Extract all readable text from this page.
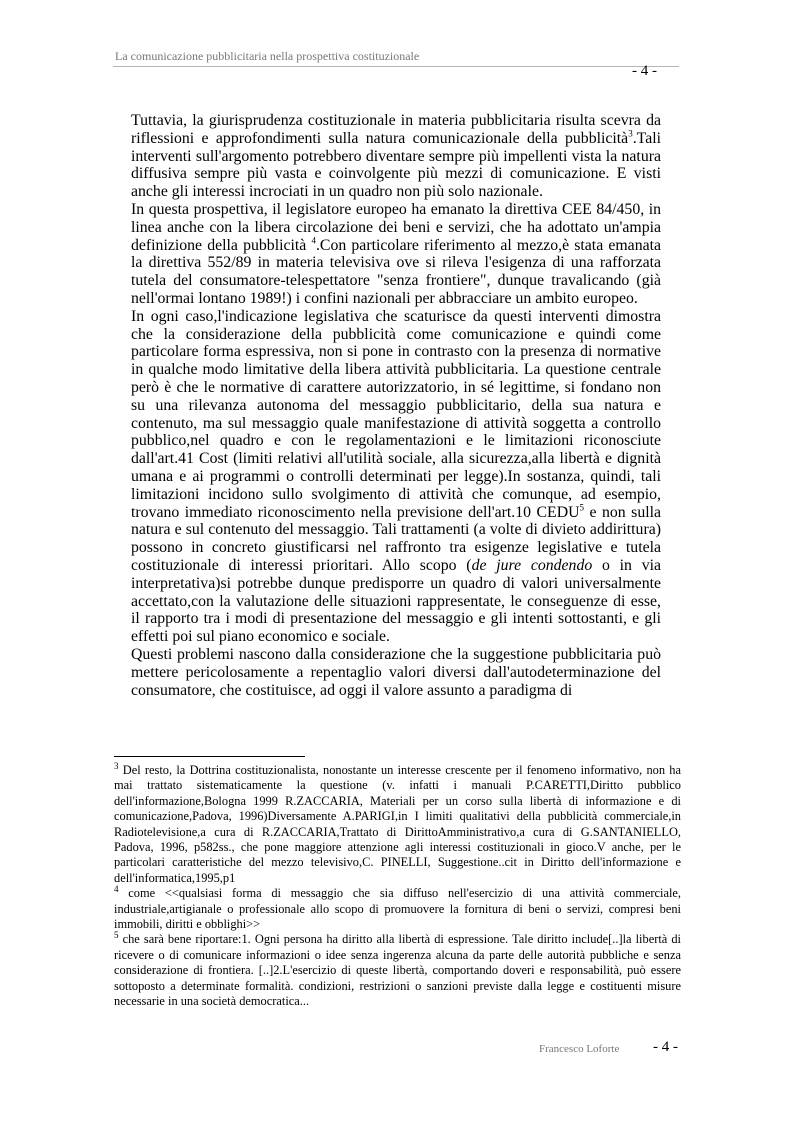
La comunicazione pubblicitaria nella prospettiva costituzionale
- 4 -

Tuttavia, la giurisprudenza costituzionale in materia pubblicitaria risulta scevra da riflessioni e approfondimenti sulla natura comunicazionale della pubblicità$^3$.Tali interventi sull'argomento potrebbero diventare sempre più impellenti vista la natura diffusiva sempre più vasta e coinvolgente più mezzi di comunicazione. E visti anche gli interessi incrociati in un quadro non più solo nazionale.

In questa prospettiva, il legislatore europeo ha emanato la direttiva CEE 84/450, in linea anche con la libera circolazione dei beni e servizi, che ha adottato un'ampia definizione della pubblicità $^4$.Con particolare riferimento al mezzo,è stata emanata la direttiva 552/89 in materia televisiva ove si rileva l'esigenza di una rafforzata tutela del consumatore-telespettatore "senza frontiere", dunque travalicando (già nell'ormai lontano 1989!) i confini nazionali per abbracciare un ambito europeo.

In ogni caso,l'indicazione legislativa che scaturisce da questi interventi dimostra che la considerazione della pubblicità come comunicazione e quindi come particolare forma espressiva, non si pone in contrasto con la presenza di normative in qualche modo limitative della libera attività pubblicitaria. La questione centrale però è che le normative di carattere autorizzatorio, in sé legittime, si fondano non su una rilevanza autonoma del messaggio pubblicitario, della sua natura e contenuto, ma sul messaggio quale manifestazione di attività soggetta a controllo pubblico,nel quadro e con le regolamentazioni e le limitazioni riconosciute dall'art.41 Cost (limiti relativi all'utilità sociale, alla sicurezza,alla libertà e dignità umana e ai programmi o controlli determinati per legge).In sostanza, quindi, tali limitazioni incidono sullo svolgimento di attività che comunque, ad esempio, trovano immediato riconoscimento nella previsione dell'art.10 CEDU$^5$ e non sulla natura e sul contenuto del messaggio. Tali trattamenti (a volte di divieto addirittura) possono in concreto giustificarsi nel raffronto tra esigenze legislative e tutela costituzionale di interessi prioritari. Allo scopo (de jure condendo o in via interpretativa)si potrebbe dunque predisporre un quadro di valori universalmente accettato,con la valutazione delle situazioni rappresentate, le conseguenze di esse, il rapporto tra i modi di presentazione del messaggio e gli intenti sottostanti, e gli effetti poi sul piano economico e sociale.

Questi problemi nascono dalla considerazione che la suggestione pubblicitaria può mettere pericolosamente a repentaglio valori diversi dall'autodeterminazione del consumatore, che costituisce, ad oggi il valore assunto a paradigma di

$^3$ Del resto, la Dottrina costituzionalista, nonostante un interesse crescente per il fenomeno informativo, non ha mai trattato sistematicamente la questione (v. infatti i manuali P.CARETTI,Diritto pubblico dell'informazione,Bologna 1999 R.ZACCARIA, Materiali per un corso sulla libertà di informazione e di comunicazione,Padova, 1996)Diversamente A.PARIGI,in I limiti qualitativi della pubblicità commerciale,in Radiotelevisione,a cura di R.ZACCARIA,Trattato di DirittoAmministrativo,a cura di G.SANTANIELLO, Padova, 1996, p582ss., che pone maggiore attenzione agli interessi costituzionali in gioco.V anche, per le particolari caratteristiche del mezzo televisivo,C. PINELLI, Suggestione..cit in Diritto dell'informazione e dell'informatica,1995,p1

$^4$ come <<qualsiasi forma di messaggio che sia diffuso nell'esercizio di una attività commerciale, industriale,artigianale o professionale allo scopo di promuovere la fornitura di beni o servizi, compresi beni immobili, diritti e obblighi>>

$^5$ che sarà bene riportare:1. Ogni persona ha diritto alla libertà di espressione. Tale diritto include[..]la libertà di ricevere o di comunicare informazioni o idee senza ingerenza alcuna da parte delle autorità pubbliche e senza considerazione di frontiera. [..]2.L'esercizio di queste libertà, comportando doveri e responsabilità, può essere sottoposto a determinate formalità. condizioni, restrizioni o sanzioni previste dalla legge e costituenti misure necessarie in una società democratica...

Francesco Loforte - 4 -
